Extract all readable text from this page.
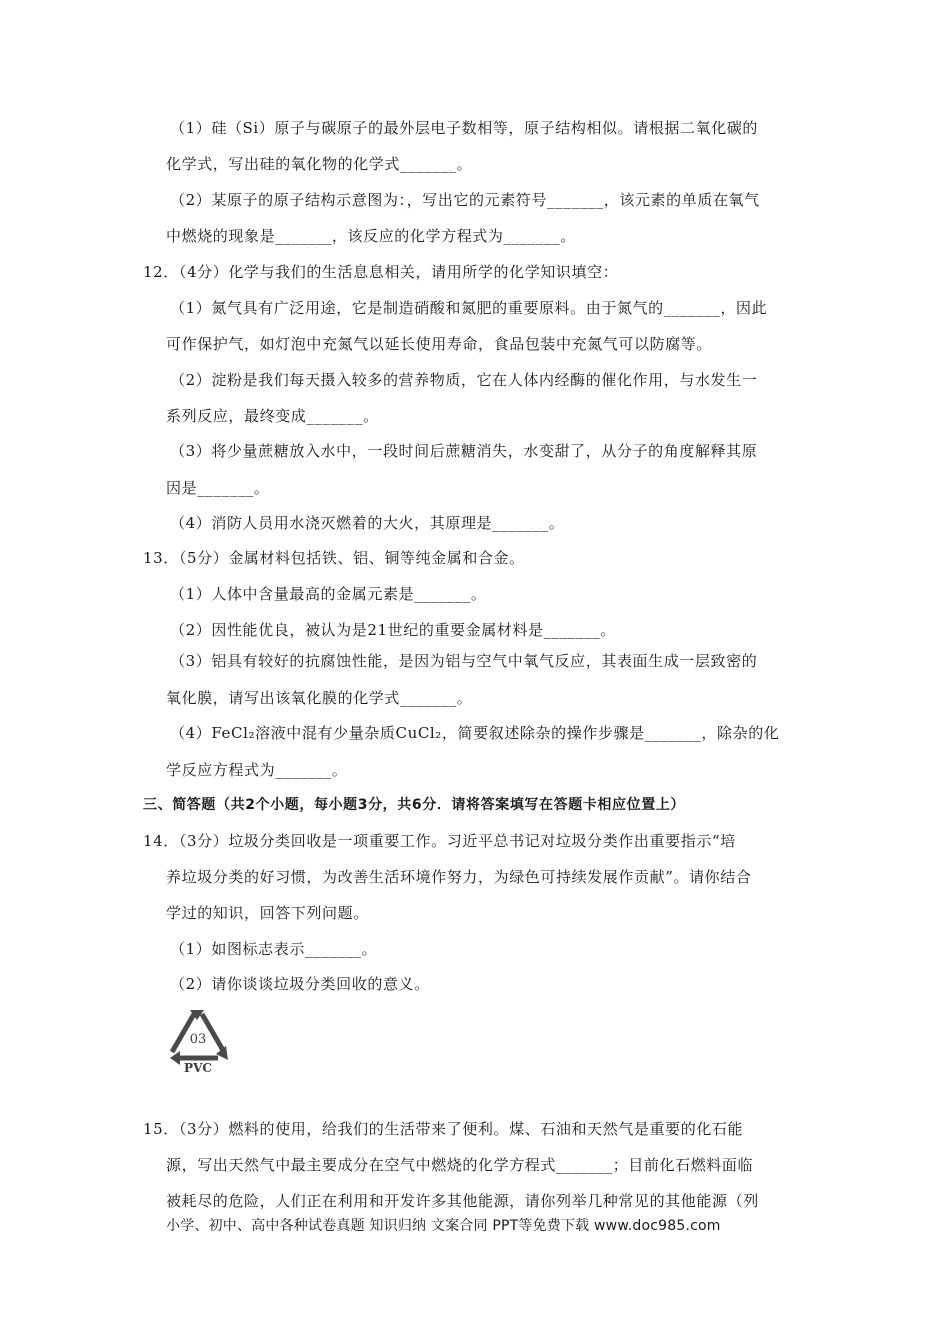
（1）硅（Si）原子与碳原子的最外层电子数相等，原子结构相似。请根据二氧化碳的
化学式，写出硅的氧化物的化学式_______。
（2）某原子的原子结构示意图为：，写出它的元素符号_______，该元素的单质在氧气
中燃烧的现象是_______，该反应的化学方程式为_______。
12．（4分）化学与我们的生活息息相关，请用所学的化学知识填空：
（1）氮气具有广泛用途，它是制造硝酸和氮肥的重要原料。由于氮气的_______，因此
可作保护气，如灯泡中充氮气以延长使用寿命，食品包装中充氮气可以防腐等。
（2）淀粉是我们每天摄入较多的营养物质，它在人体内经酶的催化作用，与水发生一
系列反应，最终变成_______。
（3）将少量蔗糖放入水中，一段时间后蔗糖消失，水变甜了，从分子的角度解释其原
因是_______。
（4）消防人员用水浇灭燃着的大火，其原理是_______。
13．（5分）金属材料包括铁、铝、铜等纯金属和合金。
（1）人体中含量最高的金属元素是_______。
（2）因性能优良，被认为是21世纪的重要金属材料是_______。
（3）铝具有较好的抗腐蚀性能，是因为铝与空气中氧气反应，其表面生成一层致密的
氧化膜，请写出该氧化膜的化学式_______。
（4）FeCl₂溶液中混有少量杂质CuCl₂，简要叙述除杂的操作步骤是_______，除杂的化
学反应方程式为_______。
三、简答题（共2个小题，每小题3分，共6分．请将答案填写在答题卡相应位置上）
14．（3分）垃圾分类回收是一项重要工作。习近平总书记对垃圾分类作出重要指示“培
养垃圾分类的好习惯，为改善生活环境作努力，为绿色可持续发展作贡献”。请你结合
学过的知识，回答下列问题。
（1）如图标志表示_______。
（2）请你谈谈垃圾分类回收的意义。
03
PVC
15．（3分）燃料的使用，给我们的生活带来了便利。煤、石油和天然气是重要的化石能
源，写出天然气中最主要成分在空气中燃烧的化学方程式_______；目前化石燃料面临
被耗尽的危险，人们正在利用和开发许多其他能源，请你列举几种常见的其他能源（列
小学、初中、高中各种试卷真题 知识归纳 文案合同 PPT等免费下载 www.doc985.com
